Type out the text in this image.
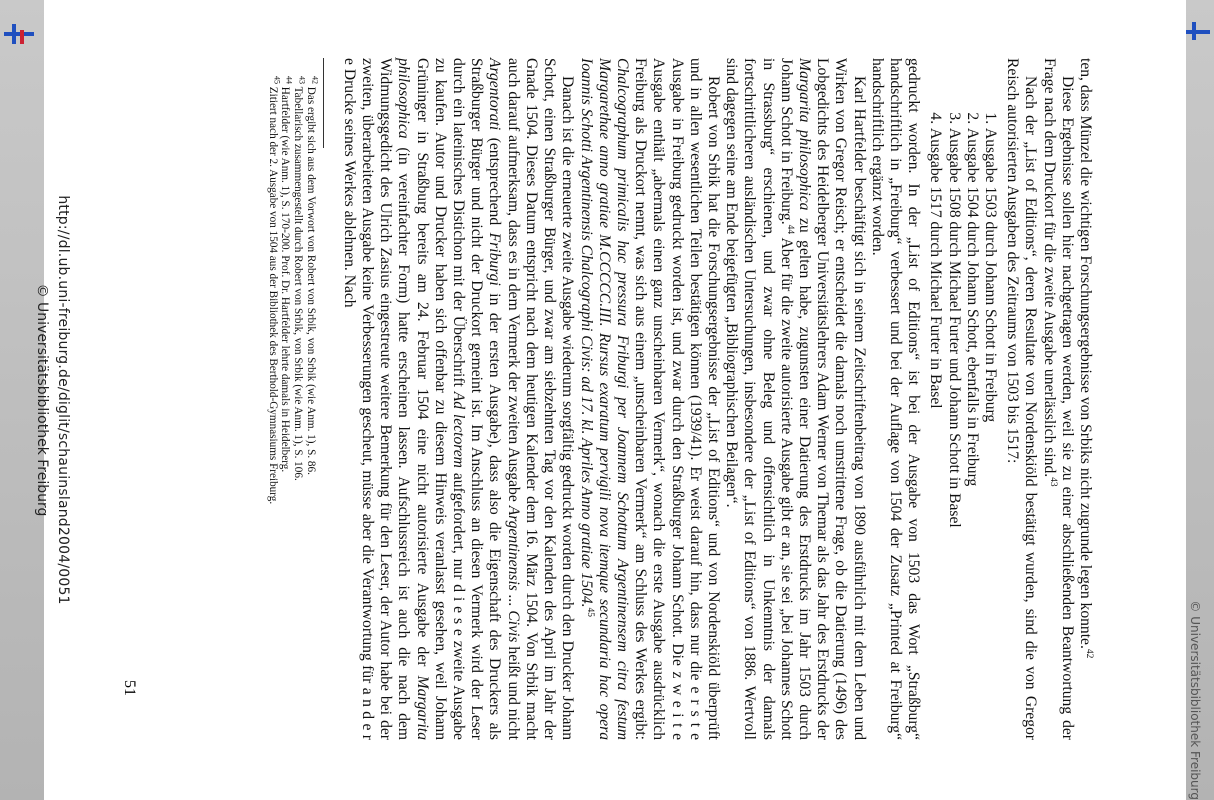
© Universitätsbibliothek Freiburg

ten, dass Münzel die wichtigen Forschungsergebnisse von Srbiks nicht zugrunde legen konnte.$^{42}$

Diese Ergebnisse sollen hier nachgetragen werden, weil sie zu einer abschließenden Beantwortung der Frage nach dem Druckort für die zweite Ausgabe unerlässlich sind.$^{43}$

Nach der „List of Editions“, deren Resultate von Nordenskiöld bestätigt wurden, sind die von Gregor Reisch autorisierten Ausgaben des Zeitraums von 1503 bis 1517:

1. Ausgabe 1503 durch Johann Schott in Freiburg
2. Ausgabe 1504 durch Johann Schott, ebenfalls in Freiburg
3. Ausgabe 1508 durch Michael Furter und Johann Schott in Basel
4. Ausgabe 1517 durch Michael Furter in Basel

gedruckt worden. In der „List of Editions“ ist bei der Ausgabe von 1503 das Wort „Straßburg“ handschriftlich in „Freiburg“ verbessert und bei der Auflage von 1504 der Zusatz „Printed at Freiburg“ handschriftlich ergänzt worden.

Karl Hartfelder beschäftigt sich in seinem Zeitschriftenbeitrag von 1890 ausführlich mit dem Leben und Wirken von Gregor Reisch; er entscheidet die damals noch umstrittene Frage, ob die Datierung (1496) des Lobgedichts des Heidelberger Universitätslehrers Adam Werner von Themar als das Jahr des Erstdrucks der Margarita philosophica zu gelten habe, zugunsten einer Datierung des Erstdrucks im Jahr 1503 durch Johann Schott in Freiburg.$^{44}$ Aber für die zweite autorisierte Ausgabe gibt er an, sie sei „bei Johannes Schott in Strassburg“ erschienen, und zwar ohne Beleg und offensichtlich in Unkenntnis der damals fortschrittlicheren ausländischen Untersuchungen, insbesondere der „List of Editions“ von 1886. Wertvoll sind dagegen seine am Ende beigefügten „Bibliographischen Beilagen“.

Robert von Srbik hat die Forschungsergebnisse der „List of Editions“ und von Nordenskiöld überprüft und in allen wesentlichen Teilen bestätigen können (1939/41). Er weist darauf hin, dass nur die e r s t e Ausgabe in Freiburg gedruckt worden ist, und zwar durch den Straßburger Johann Schott. Die z w e i t e Ausgabe enthält „abermals einen ganz unscheinbaren Vermerk“, wonach die erste Ausgabe ausdrücklich Freiburg als Druckort nennt, was sich aus einem „unscheinbaren Vermerk“ am Schluss des Werkes ergibt: Chalcographum primicalis hac pressura Friburgi per Joannem Schottum Argentinensem citra festum Margarethae anno gratiae M.CCCCC.III. Rursus exaratum pervigili nova itemque secundaria hac opera Ioannis Schotti Argentinensis Chalcographi Civis: ad 17. kl. Apriles Anno gratiae 1504.45

Danach ist die erneuerte zweite Ausgabe wiederum sorgfältig gedruckt worden durch den Drucker Johann Schott, einen Straßburger Bürger, und zwar am siebzehnten Tag vor den Kalenden des April im Jahr der Gnade 1504. Dieses Datum entspricht nach dem heutigen Kalender dem 16. März 1504. Von Srbik macht auch darauf aufmerksam, dass es in dem Vermerk der zweiten Ausgabe Argentinensis ... Civis heißt und nicht Argentorati (entsprechend Friburgi in der ersten Ausgabe), dass also die Eigenschaft des Druckers als Straßburger Bürger und nicht der Druckort gemeint ist. Im Anschluss an diesen Vermerk wird der Leser durch ein lateinisches Distichon mit der Überschrift Ad lectorem aufgefordert, nur d i e s e zweite Ausgabe zu kaufen. Autor und Drucker haben sich offenbar zu diesem Hinweis veranlasst gesehen, weil Johann Grüninger in Straßburg bereits am 24. Februar 1504 eine nicht autorisierte Ausgabe der Margarita philosophica (in vereinfachter Form) hatte erscheinen lassen. Aufschlussreich ist auch die nach dem Widmungsgedicht des Ulrich Zasius eingestreute weitere Bemerkung für den Leser, der Autor habe bei der zweiten, überarbeiteten Ausgabe keine Verbesserungen gescheut, müsse aber die Verantwortung für a n d e r e Drucke seines Werkes ablehnen. Nach

$^{42}$ Das ergibt sich aus dem Vorwort von Robert von Srbik, von Srbik (wie Anm. 1), S. 86.

$^{43}$ Tabellarisch zusammengestellt durch Robert von Srbik, von Srbik (wie Anm. 1), S. 106.

$^{44}$ Hartfelder (wie Anm. 1), S. 170-200. Prof. Dr. Hartfelder lehrte damals in Heidelberg.

$^{45}$ Zitiert nach der 2. Ausgabe von 1504 aus der Bibliothek des Berthold-Gymnasiums Freiburg.

51
http://dl.ub.uni-freiburg.de/diglit/schauinsland2004/0051
© Universitätsbibliothek Freiburg
